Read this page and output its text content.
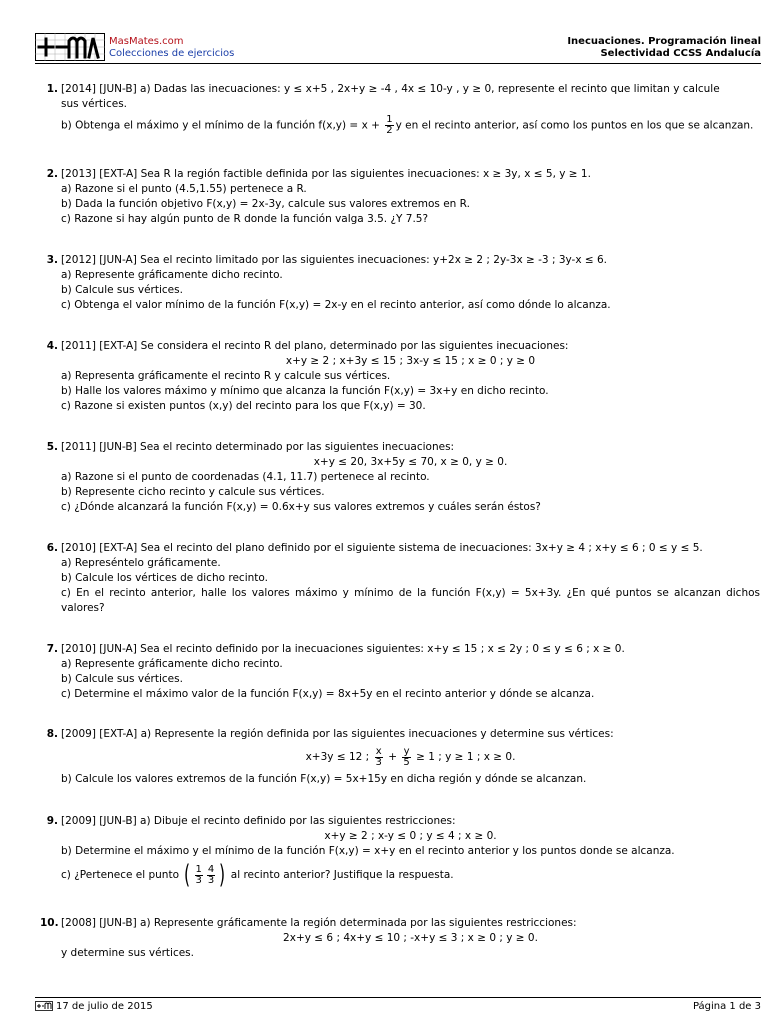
MasMates.com
Colecciones de ejercicios
Inecuaciones. Programación lineal
Selectividad CCSS Andalucía
1. [2014] [JUN-B] a) Dadas las inecuaciones: y ≤ x+5 , 2x+y ≥ -4 , 4x ≤ 10-y , y ≥ 0, represente el recinto que limitan y calcule
sus vértices.
b) Obtenga el máximo y el mínimo de la función $f(x,y) = x + \frac{1}{2}$ y en el recinto anterior, así como los puntos en los que se alcanzan.
2. [2013] [EXT-A] Sea R la región factible definida por las siguientes inecuaciones: x ≥ 3y, x ≤ 5, y ≥ 1.
a) Razone si el punto (4.5,1.55) pertenece a R.
b) Dada la función objetivo F(x,y) = 2x-3y, calcule sus valores extremos en R.
c) Razone si hay algún punto de R donde la función valga 3.5. ¿Y 7.5?
3. [2012] [JUN-A] Sea el recinto limitado por las siguientes inecuaciones: y+2x ≥ 2 ; 2y-3x ≥ -3 ; 3y-x ≤ 6.
a) Represente gráficamente dicho recinto.
b) Calcule sus vértices.
c) Obtenga el valor mínimo de la función F(x,y) = 2x-y en el recinto anterior, así como dónde lo alcanza.
4. [2011] [EXT-A] Se considera el recinto R del plano, determinado por las siguientes inecuaciones:
x+y ≥ 2 ; x+3y ≤ 15 ; 3x-y ≤ 15 ; x ≥ 0 ; y ≥ 0
a) Representa gráficamente el recinto R y calcule sus vértices.
b) Halle los valores máximo y mínimo que alcanza la función F(x,y) = 3x+y en dicho recinto.
c) Razone si existen puntos (x,y) del recinto para los que F(x,y) = 30.
5. [2011] [JUN-B] Sea el recinto determinado por las siguientes inecuaciones:
x+y ≤ 20, 3x+5y ≤ 70, x ≥ 0, y ≥ 0.
a) Razone si el punto de coordenadas (4.1, 11.7) pertenece al recinto.
b) Represente cicho recinto y calcule sus vértices.
c) ¿Dónde alcanzará la función F(x,y) = 0.6x+y sus valores extremos y cuáles serán éstos?
6. [2010] [EXT-A] Sea el recinto del plano definido por el siguiente sistema de inecuaciones: 3x+y ≥ 4 ; x+y ≤ 6 ; 0 ≤ y ≤ 5.
a) Represéntelo gráficamente.
b) Calcule los vértices de dicho recinto.
c) En el recinto anterior, halle los valores máximo y mínimo de la función F(x,y) = 5x+3y. ¿En qué puntos se alcanzan dichos valores?
7. [2010] [JUN-A] Sea el recinto definido por la inecuaciones siguientes: x+y ≤ 15 ; x ≤ 2y ; 0 ≤ y ≤ 6 ; x ≥ 0.
a) Represente gráficamente dicho recinto.
b) Calcule sus vértices.
c) Determine el máximo valor de la función F(x,y) = 8x+5y en el recinto anterior y dónde se alcanza.
8. [2009] [EXT-A] a) Represente la región definida por las siguientes inecuaciones y determine sus vértices:
x+3y ≤ 12 ; $\frac{x}{3} + \frac{y}{5} \ge 1$ ; y ≥ 1 ; x ≥ 0.
b) Calcule los valores extremos de la función F(x,y) = 5x+15y en dicha región y dónde se alcanzan.
9. [2009] [JUN-B] a) Dibuje el recinto definido por las siguientes restricciones:
x+y ≥ 2 ; x-y ≤ 0 ; y ≤ 4 ; x ≥ 0.
b) Determine el máximo y el mínimo de la función F(x,y) = x+y en el recinto anterior y los puntos donde se alcanza.
c) ¿Pertenece el punto ( $\frac{1}{3} \frac{4}{3}$ ) al recinto anterior? Justifique la respuesta.
10. [2008] [JUN-B] a) Represente gráficamente la región determinada por las siguientes restricciones:
2x+y ≤ 6 ; 4x+y ≤ 10 ; -x+y ≤ 3 ; x ≥ 0 ; y ≥ 0.
y determine sus vértices.
17 de julio de 2015	Página 1 de 3
